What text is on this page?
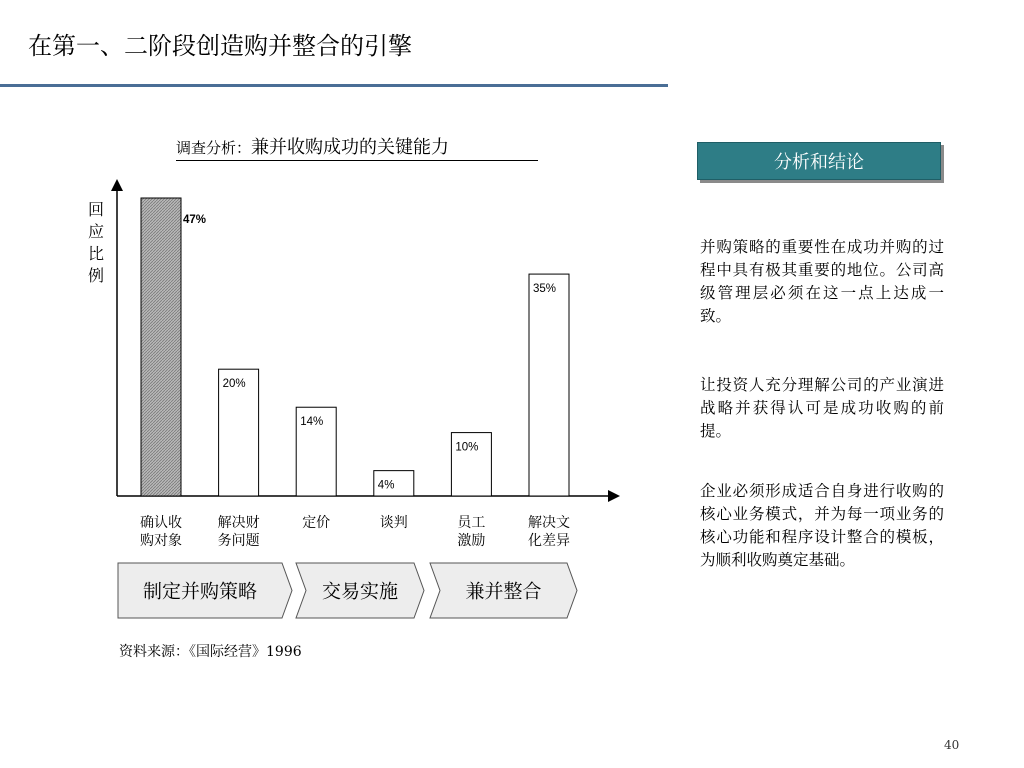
在第一、二阶段创造购并整合的引擎
调查分析：兼并收购成功的关键能力
回
应
比
例
47%
确认收
购对象
20%
解决财
务问题
14%
定价
4%
谈判
10%
员工
激励
35%
解决文
化差异
制定并购策略	交易实施	兼并整合
分析和结论
并购策略的重要性在成功并购的过程中具有极其重要的地位。公司高级管理层必须在这一点上达成一致。
让投资人充分理解公司的产业演进战略并获得认可是成功收购的前提。
企业必须形成适合自身进行收购的核心业务模式，并为每一项业务的核心功能和程序设计整合的模板，为顺利收购奠定基础。
资料来源：《国际经营》1996
40
